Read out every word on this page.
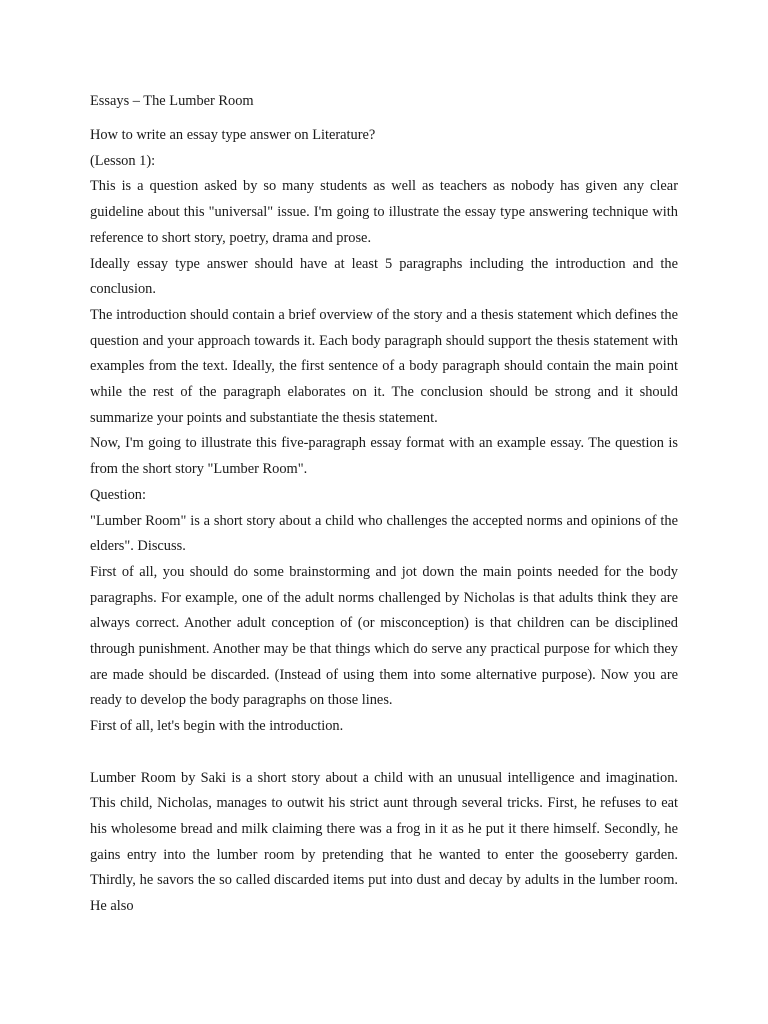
Essays – The Lumber Room

How to write an essay type answer on Literature?

(Lesson 1):

This is a question asked by so many students as well as teachers as nobody has given any clear guideline about this "universal" issue. I'm going to illustrate the essay type answering technique with reference to short story, poetry, drama and prose.

Ideally essay type answer should have at least 5 paragraphs including the introduction and the conclusion.

The introduction should contain a brief overview of the story and a thesis statement which defines the question and your approach towards it. Each body paragraph should support the thesis statement with examples from the text. Ideally, the first sentence of a body paragraph should contain the main point while the rest of the paragraph elaborates on it. The conclusion should be strong and it should summarize your points and substantiate the thesis statement.

Now, I'm going to illustrate this five-paragraph essay format with an example essay. The question is from the short story "Lumber Room".

Question:

"Lumber Room" is a short story about a child who challenges the accepted norms and opinions of the elders". Discuss.

First of all, you should do some brainstorming and jot down the main points needed for the body paragraphs. For example, one of the adult norms challenged by Nicholas is that adults think they are always correct. Another adult conception of (or misconception) is that children can be disciplined through punishment. Another may be that things which do serve any practical purpose for which they are made should be discarded. (Instead of using them into some alternative purpose). Now you are ready to develop the body paragraphs on those lines.

First of all, let's begin with the introduction.

Lumber Room by Saki is a short story about a child with an unusual intelligence and imagination. This child, Nicholas, manages to outwit his strict aunt through several tricks. First, he refuses to eat his wholesome bread and milk claiming there was a frog in it as he put it there himself. Secondly, he gains entry into the lumber room by pretending that he wanted to enter the gooseberry garden. Thirdly, he savors the so called discarded items put into dust and decay by adults in the lumber room. He also
